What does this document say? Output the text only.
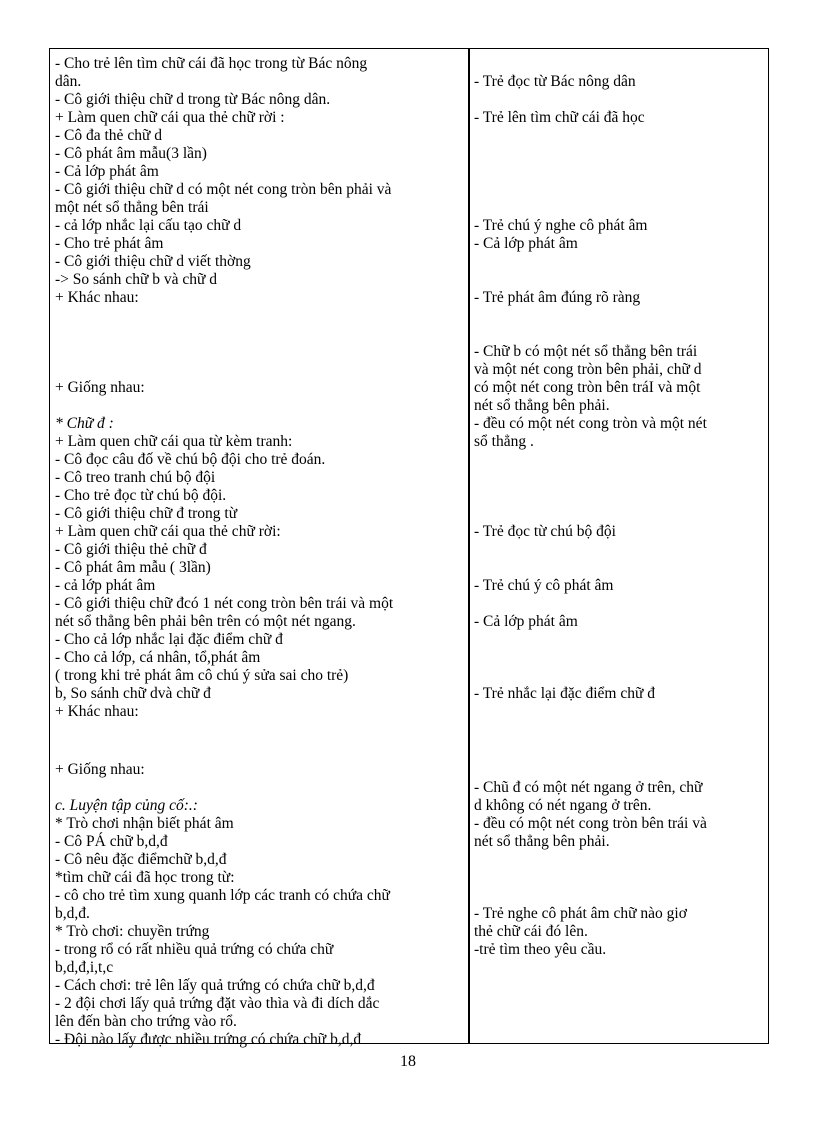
- Cho trẻ lên tìm chữ cái đã học trong từ Bác nông
dân.
- Cô giới thiệu chữ d trong từ Bác nông dân.
+ Làm quen chữ cái qua thẻ chữ rời :
- Cô đa thẻ chữ d
- Cô phát âm mẫu(3 lần)
- Cả lớp phát âm
- Cô giới thiệu chữ d có một nét cong tròn bên phải và
một nét sổ thẳng bên trái
- cả lớp nhắc lại cấu tạo chữ d
- Cho trẻ phát âm
- Cô giới thiệu chữ d viết thờng
-> So sánh chữ b và chữ d
+ Khác nhau:
+ Giống nhau:
* Chữ đ :
+ Làm quen chữ cái qua từ kèm tranh:
- Cô đọc câu đố về chú bộ đội cho trẻ đoán.
- Cô treo tranh chú bộ đội
- Cho trẻ đọc từ chú bộ đội.
- Cô giới thiệu chữ đ trong từ
+ Làm quen chữ cái qua thẻ chữ rời:
- Cô giới thiệu thẻ chữ đ
- Cô phát âm mẫu ( 3lần)
- cả lớp phát âm
- Cô giới thiệu chữ đcó 1 nét cong tròn bên trái và một
nét sổ thẳng bên phải bên trên có một nét ngang.
- Cho cả lớp nhắc lại đặc điểm chữ đ
- Cho cả lớp, cá nhân, tổ,phát âm
( trong khi trẻ phát âm cô chú ý sửa sai cho trẻ)
b, So sánh chữ dvà chữ đ
+ Khác nhau:
+ Giống nhau:
c. Luyện tập củng cố:.:
* Trò chơi nhận biết phát âm
- Cô PÁ chữ b,d,đ
- Cô nêu đặc điểmchữ b,d,đ
*tìm chữ cái đã học trong từ:
- cô cho trẻ tìm xung quanh lớp các tranh có chứa chữ
b,d,đ.
* Trò chơi: chuyền trứng
- trong rổ có rất nhiều quả trứng có chứa chữ
b,d,đ,i,t,c
- Cách chơi: trẻ lên lấy quả trứng có chứa chữ b,d,đ
- 2 đội chơi lấy quả trứng đặt vào thìa và đi dích dắc
lên đến bàn cho trứng vào rổ.
- Đội nào lấy được nhiều trứng có chứa chữ b,d,đ
- Trẻ đọc từ Bác nông dân
- Trẻ lên tìm chữ cái đã học
- Trẻ chú ý nghe cô phát âm
- Cả lớp phát âm
- Trẻ phát âm đúng rõ ràng
- Chữ b có một nét sổ thẳng bên trái
và một nét cong tròn bên phải, chữ d
có một nét cong tròn bên tráI và một
nét sổ thẳng bên phải.
- đều có một nét cong tròn và một nét
sổ thẳng .
- Trẻ đọc từ chú bộ đội
- Trẻ chú ý cô phát âm
- Cả lớp phát âm
- Trẻ nhắc lại đặc điểm chữ đ
- Chũ đ có một nét ngang ở trên, chữ
d không có nét ngang ở trên.
- đều có một nét cong tròn bên trái và
nét sổ thẳng bên phải.
- Trẻ nghe cô phát âm chữ nào giơ
thẻ chữ cái đó lên.
-trẻ tìm theo yêu cầu.
18
